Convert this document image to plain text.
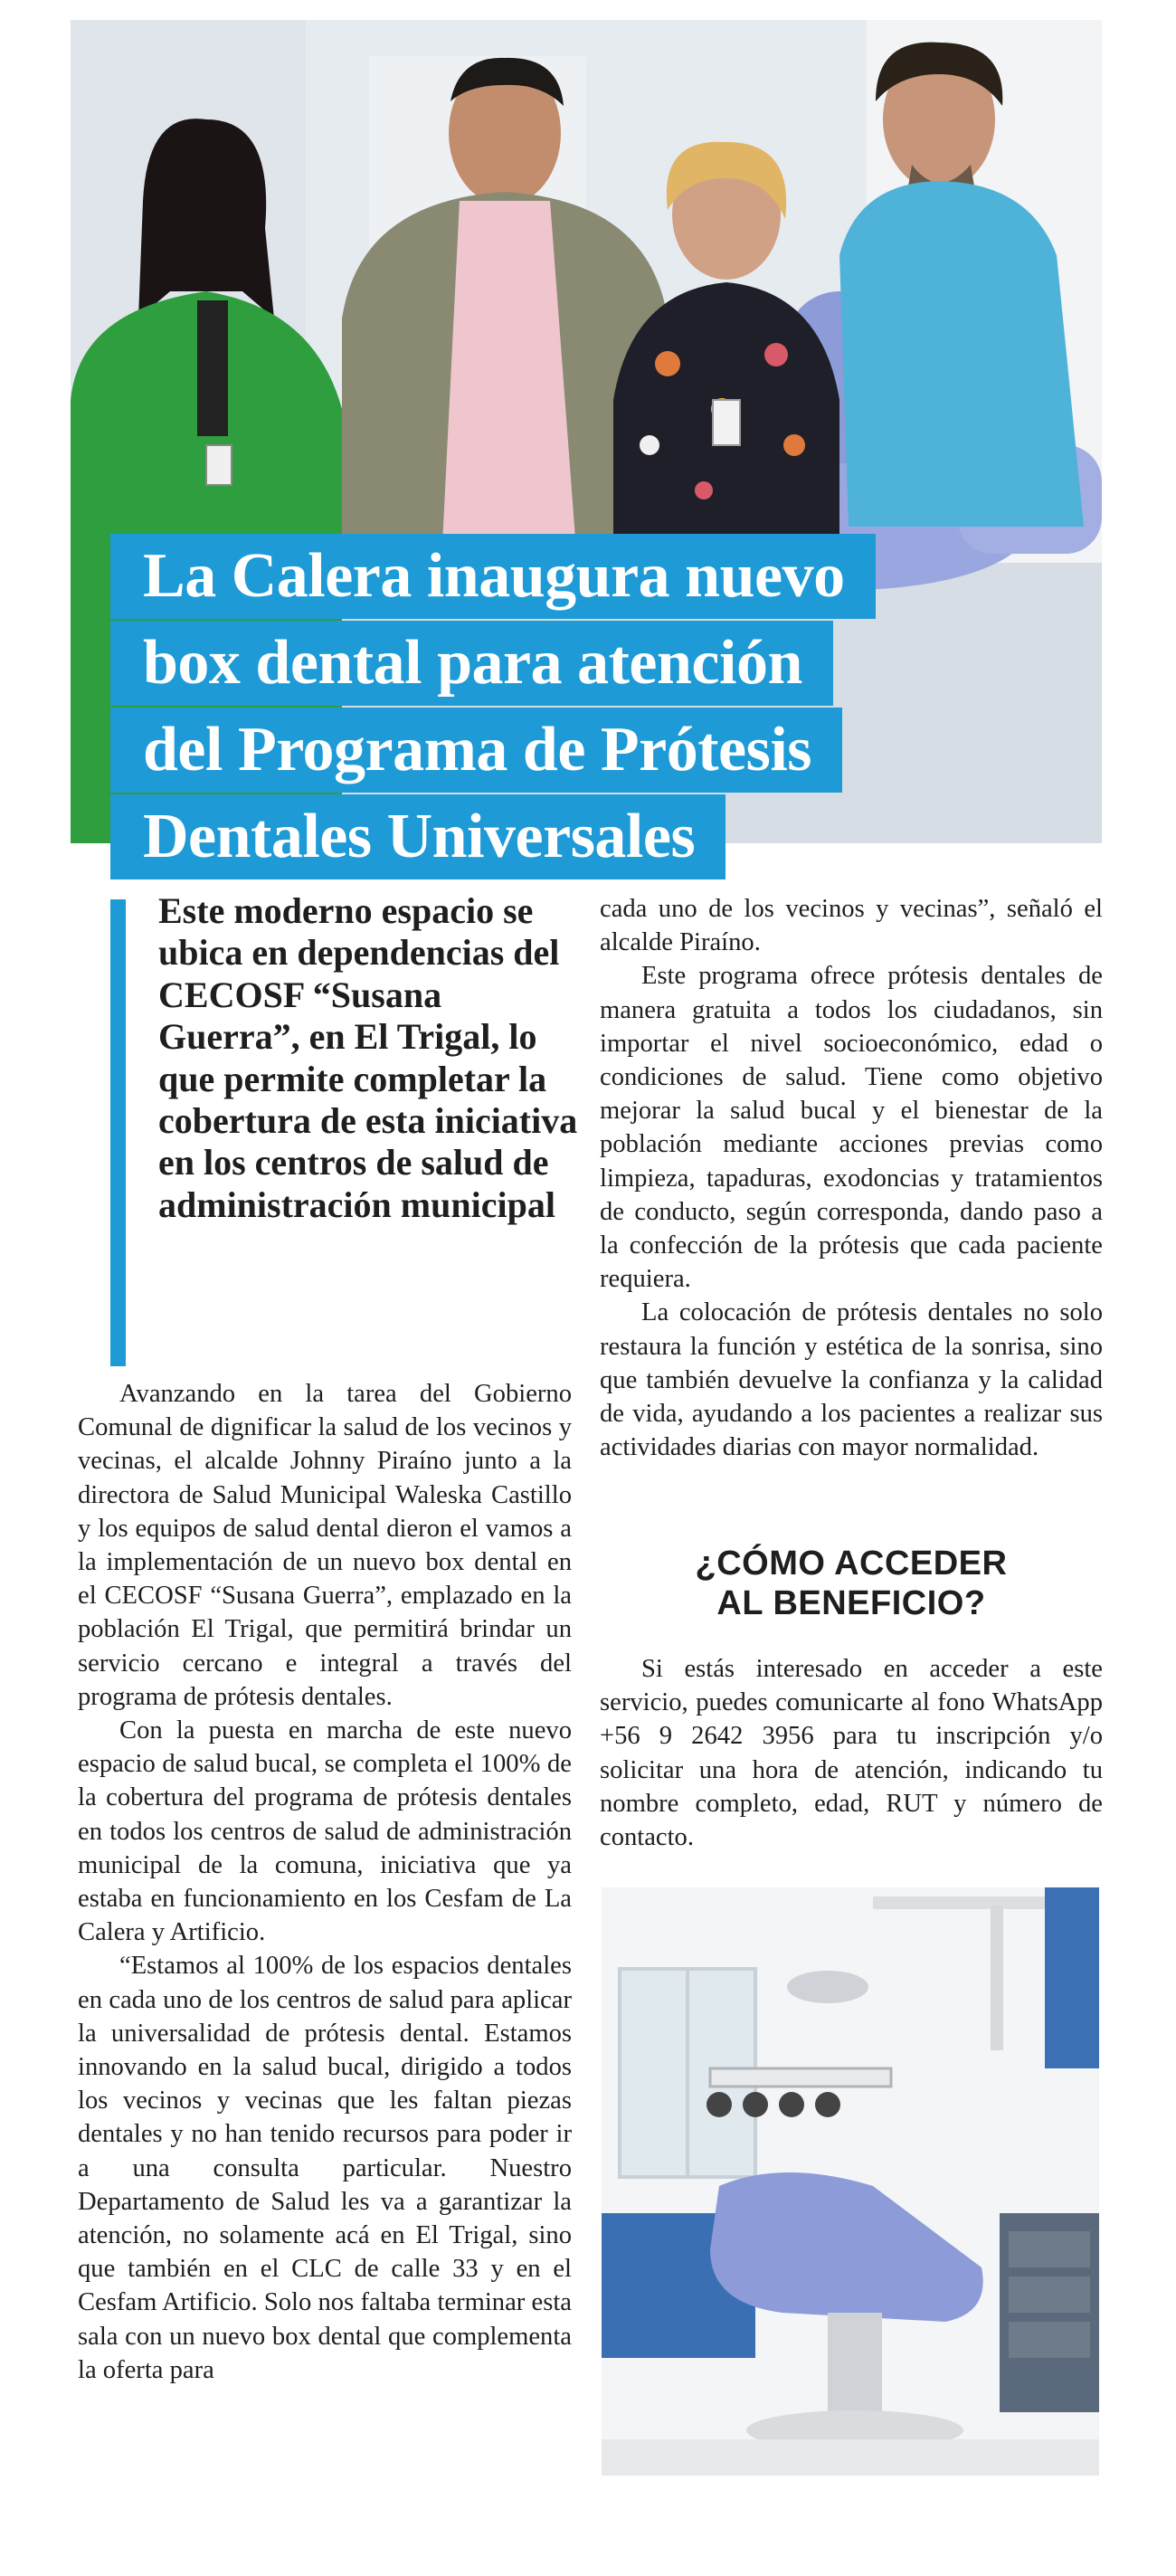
La Calera inaugura nuevo
box dental para atención
del Programa de Prótesis
Dentales Universales

Este moderno espacio se ubica en dependencias del CECOSF “Susana Guerra”, en El Trigal, lo que permite completar la cobertura de esta iniciativa en los centros de salud de administración municipal

Avanzando en la tarea del Gobierno Comunal de dignificar la salud de los vecinos y vecinas, el alcalde Johnny Piraíno junto a la directora de Salud Municipal Waleska Castillo y los equipos de salud dental dieron el vamos a la implementación de un nuevo box dental en el CECOSF “Susana Guerra”, emplazado en la población El Trigal, que permitirá brindar un servicio cercano e integral a través del programa de prótesis dentales.

Con la puesta en marcha de este nuevo espacio de salud bucal, se completa el 100% de la cobertura del programa de prótesis dentales en todos los centros de salud de administración municipal de la comuna, iniciativa que ya estaba en funcionamiento en los Cesfam de La Calera y Artificio.

“Estamos al 100% de los espacios dentales en cada uno de los centros de salud para aplicar la universalidad de prótesis dental. Estamos innovando en la salud bucal, dirigido a todos los vecinos y vecinas que les faltan piezas dentales y no han tenido recursos para poder ir a una consulta particular. Nuestro Departamento de Salud les va a garantizar la atención, no solamente acá en El Trigal, sino que también en el CLC de calle 33 y en el Cesfam Artificio. Solo nos faltaba terminar esta sala con un nuevo box dental que complementa la oferta para

cada uno de los vecinos y vecinas”, señaló el alcalde Piraíno.

Este programa ofrece prótesis dentales de manera gratuita a todos los ciudadanos, sin importar el nivel socioeconómico, edad o condiciones de salud. Tiene como objetivo mejorar la salud bucal y el bienestar de la población mediante acciones previas como limpieza, tapaduras, exodoncias y tratamientos de conducto, según corresponda, dando paso a la confección de la prótesis que cada paciente requiera.

La colocación de prótesis dentales no solo restaura la función y estética de la sonrisa, sino que también devuelve la confianza y la calidad de vida, ayudando a los pacientes a realizar sus actividades diarias con mayor normalidad.

¿CÓMO ACCEDER
AL BENEFICIO?

Si estás interesado en acceder a este servicio, puedes comunicarte al fono WhatsApp +56 9 2642 3956 para tu inscripción y/o solicitar una hora de atención, indicando tu nombre completo, edad, RUT y número de contacto.
